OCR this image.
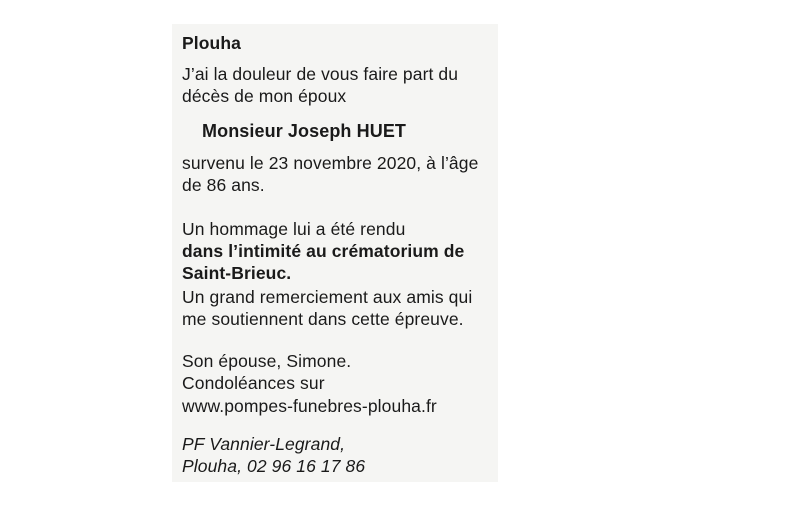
Plouha

J’ai la douleur de vous faire part du

décès de mon époux

Monsieur Joseph HUET

survenu le 23 novembre 2020, à l’âge

de 86 ans.

Un hommage lui a été rendu

dans l’intimité au crématorium de

Saint-Brieuc.

Un grand remerciement aux amis qui

me soutiennent dans cette épreuve.

Son épouse, Simone.

Condoléances sur

www.pompes-funebres-plouha.fr

PF Vannier-Legrand,

Plouha, 02 96 16 17 86
